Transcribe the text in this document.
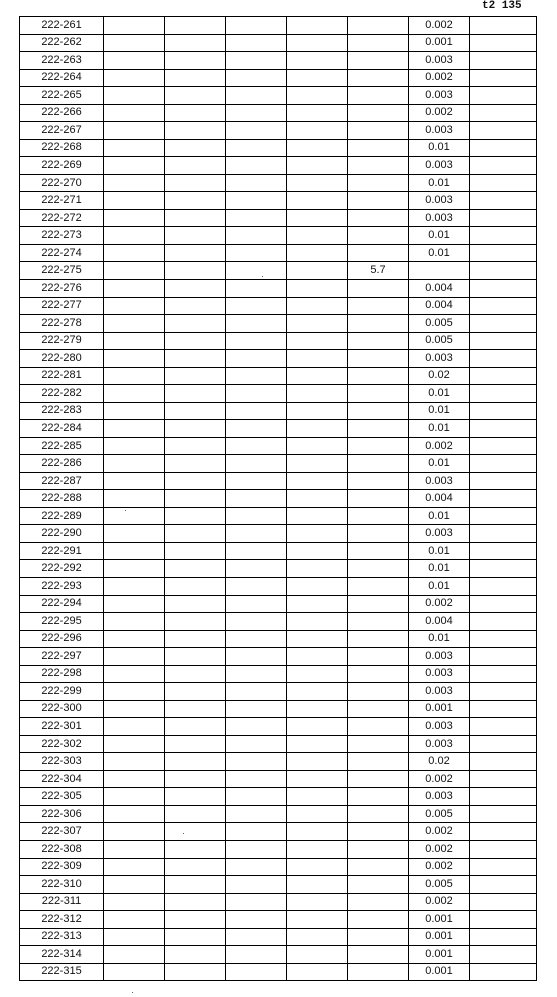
t2 135
222-261						0.002	
222-262						0.001	
222-263						0.003	
222-264						0.002	
222-265						0.003	
222-266						0.002	
222-267						0.003	
222-268						0.01	
222-269						0.003	
222-270						0.01	
222-271						0.003	
222-272						0.003	
222-273						0.01	
222-274						0.01	
222-275					5.7		
222-276						0.004	
222-277						0.004	
222-278						0.005	
222-279						0.005	
222-280						0.003	
222-281						0.02	
222-282						0.01	
222-283						0.01	
222-284						0.01	
222-285						0.002	
222-286						0.01	
222-287						0.003	
222-288						0.004	
222-289						0.01	
222-290						0.003	
222-291						0.01	
222-292						0.01	
222-293						0.01	
222-294						0.002	
222-295						0.004	
222-296						0.01	
222-297						0.003	
222-298						0.003	
222-299						0.003	
222-300						0.001	
222-301						0.003	
222-302						0.003	
222-303						0.02	
222-304						0.002	
222-305						0.003	
222-306						0.005	
222-307						0.002	
222-308						0.002	
222-309						0.002	
222-310						0.005	
222-311						0.002	
222-312						0.001	
222-313						0.001	
222-314						0.001	
222-315						0.001	
